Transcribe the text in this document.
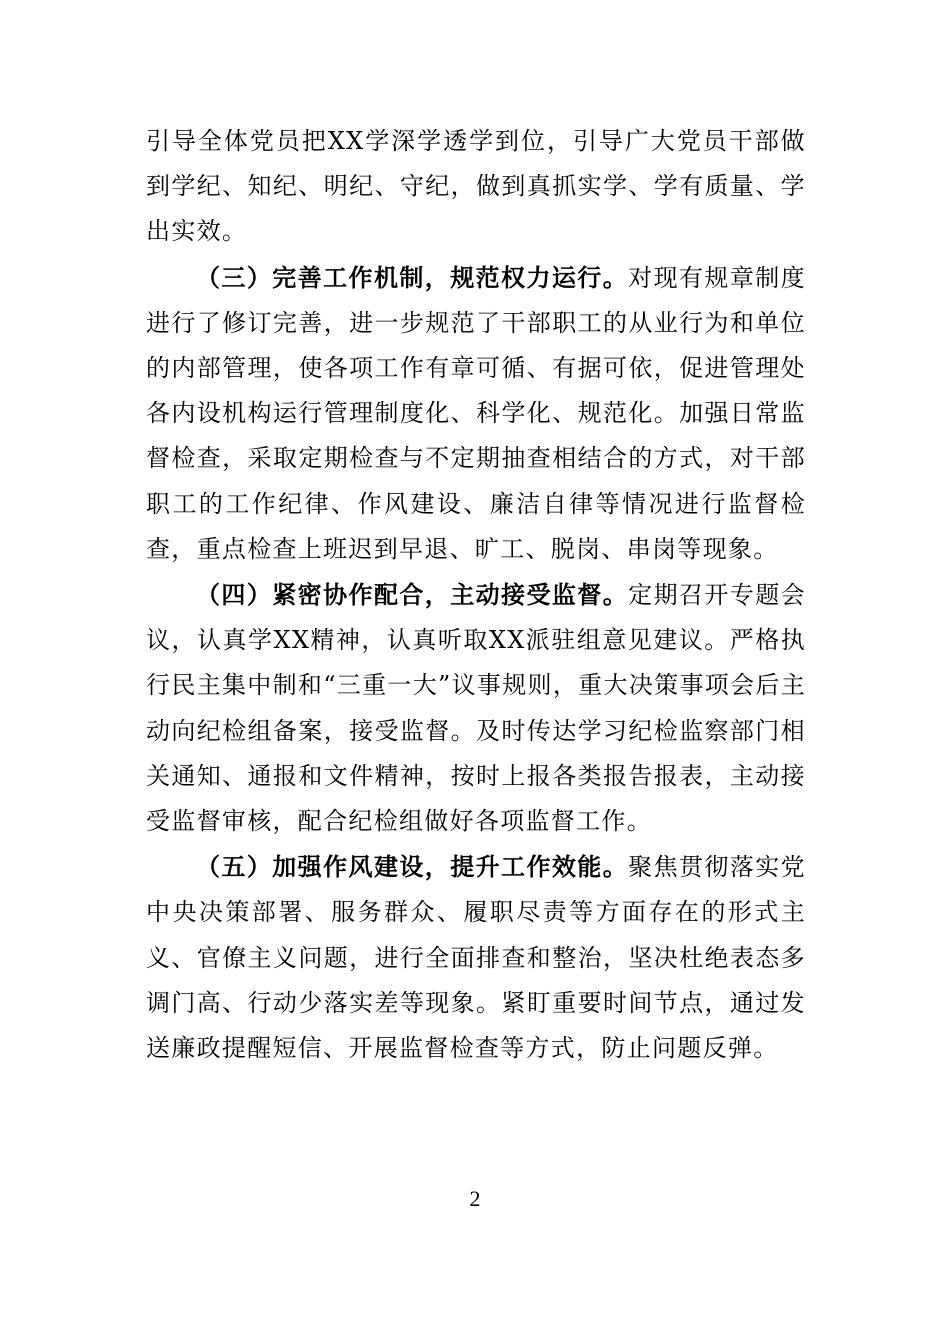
引导全体党员把XX学深学透学到位，引导广大党员干部做到学纪、知纪、明纪、守纪，做到真抓实学、学有质量、学出实效。

（三）完善工作机制，规范权力运行。对现有规章制度进行了修订完善，进一步规范了干部职工的从业行为和单位的内部管理，使各项工作有章可循、有据可依，促进管理处各内设机构运行管理制度化、科学化、规范化。加强日常监督检查，采取定期检查与不定期抽查相结合的方式，对干部职工的工作纪律、作风建设、廉洁自律等情况进行监督检查，重点检查上班迟到早退、旷工、脱岗、串岗等现象。

（四）紧密协作配合，主动接受监督。定期召开专题会议，认真学XX精神，认真听取XX派驻组意见建议。严格执行民主集中制和“三重一大”议事规则，重大决策事项会后主动向纪检组备案，接受监督。及时传达学习纪检监察部门相关通知、通报和文件精神，按时上报各类报告报表，主动接受监督审核，配合纪检组做好各项监督工作。

（五）加强作风建设，提升工作效能。聚焦贯彻落实党中央决策部署、服务群众、履职尽责等方面存在的形式主义、官僚主义问题，进行全面排查和整治，坚决杜绝表态多调门高、行动少落实差等现象。紧盯重要时间节点，通过发送廉政提醒短信、开展监督检查等方式，防止问题反弹。

2
